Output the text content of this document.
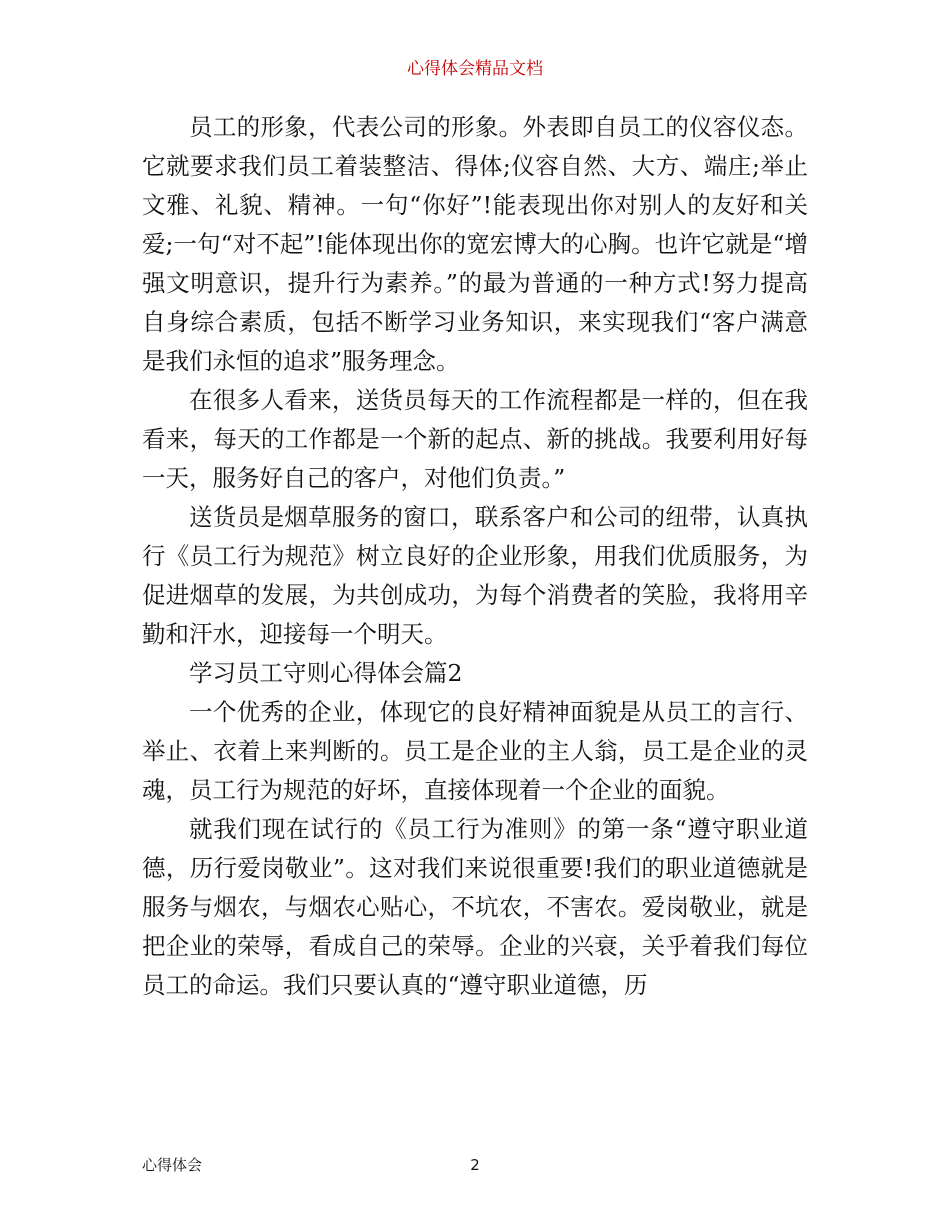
心得体会精品文档

员工的形象，代表公司的形象。外表即自员工的仪容仪态。它就要求我们员工着装整洁、得体;仪容自然、大方、端庄;举止文雅、礼貌、精神。一句“你好”!能表现出你对别人的友好和关爱;一句“对不起”!能体现出你的宽宏博大的心胸。也许它就是“增强文明意识，提升行为素养。”的最为普通的一种方式!努力提高自身综合素质，包括不断学习业务知识，来实现我们“客户满意是我们永恒的追求”服务理念。

在很多人看来，送货员每天的工作流程都是一样的，但在我看来，每天的工作都是一个新的起点、新的挑战。我要利用好每一天，服务好自己的客户，对他们负责。”

送货员是烟草服务的窗口，联系客户和公司的纽带，认真执行《员工行为规范》树立良好的企业形象，用我们优质服务，为促进烟草的发展，为共创成功，为每个消费者的笑脸，我将用辛勤和汗水，迎接每一个明天。

学习员工守则心得体会篇2

一个优秀的企业，体现它的良好精神面貌是从员工的言行、举止、衣着上来判断的。员工是企业的主人翁，员工是企业的灵魂，员工行为规范的好坏，直接体现着一个企业的面貌。

就我们现在试行的《员工行为准则》的第一条“遵守职业道德，历行爱岗敬业”。这对我们来说很重要!我们的职业道德就是服务与烟农，与烟农心贴心，不坑农，不害农。爱岗敬业，就是把企业的荣辱，看成自己的荣辱。企业的兴衰，关乎着我们每位员工的命运。我们只要认真的“遵守职业道德，历

心得体会	2
